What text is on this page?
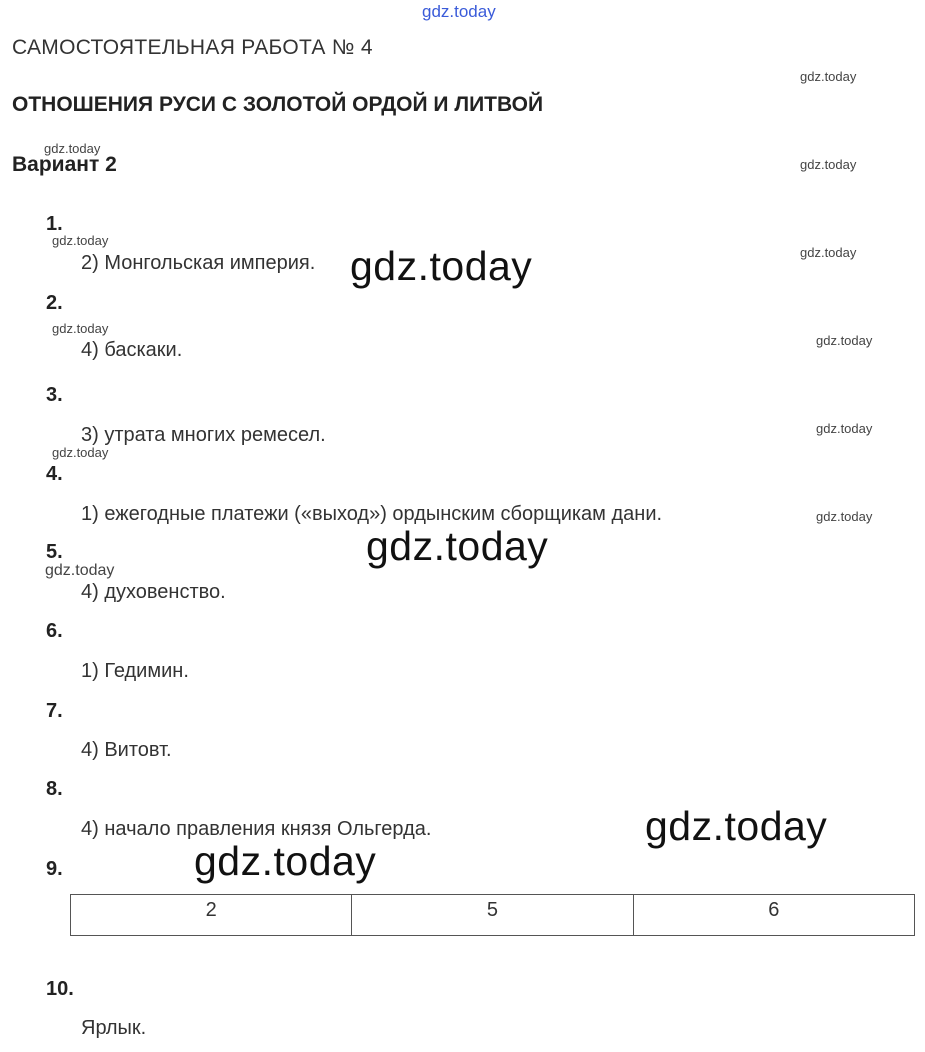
gdz.today
gdz.today
gdz.today
gdz.today
gdz.today
gdz.today
gdz.today
gdz.today
gdz.today
gdz.today
gdz.today
gdz.today
САМОСТОЯТЕЛЬНАЯ РАБОТА № 4
ОТНОШЕНИЯ РУСИ С ЗОЛОТОЙ ОРДОЙ И ЛИТВОЙ
Вариант 2
1.
2) Монгольская империя.
2.
4) баскаки.
3.
3) утрата многих ремесел.
4.
1) ежегодные платежи («выход») ордынским сборщикам дани.
5.
4) духовенство.
6.
1) Гедимин.
7.
4) Витовт.
8.
4) начало правления князя Ольгерда.
9.
2	5	6
10.
Ярлык.
gdz.today
gdz.today
gdz.today
gdz.today
